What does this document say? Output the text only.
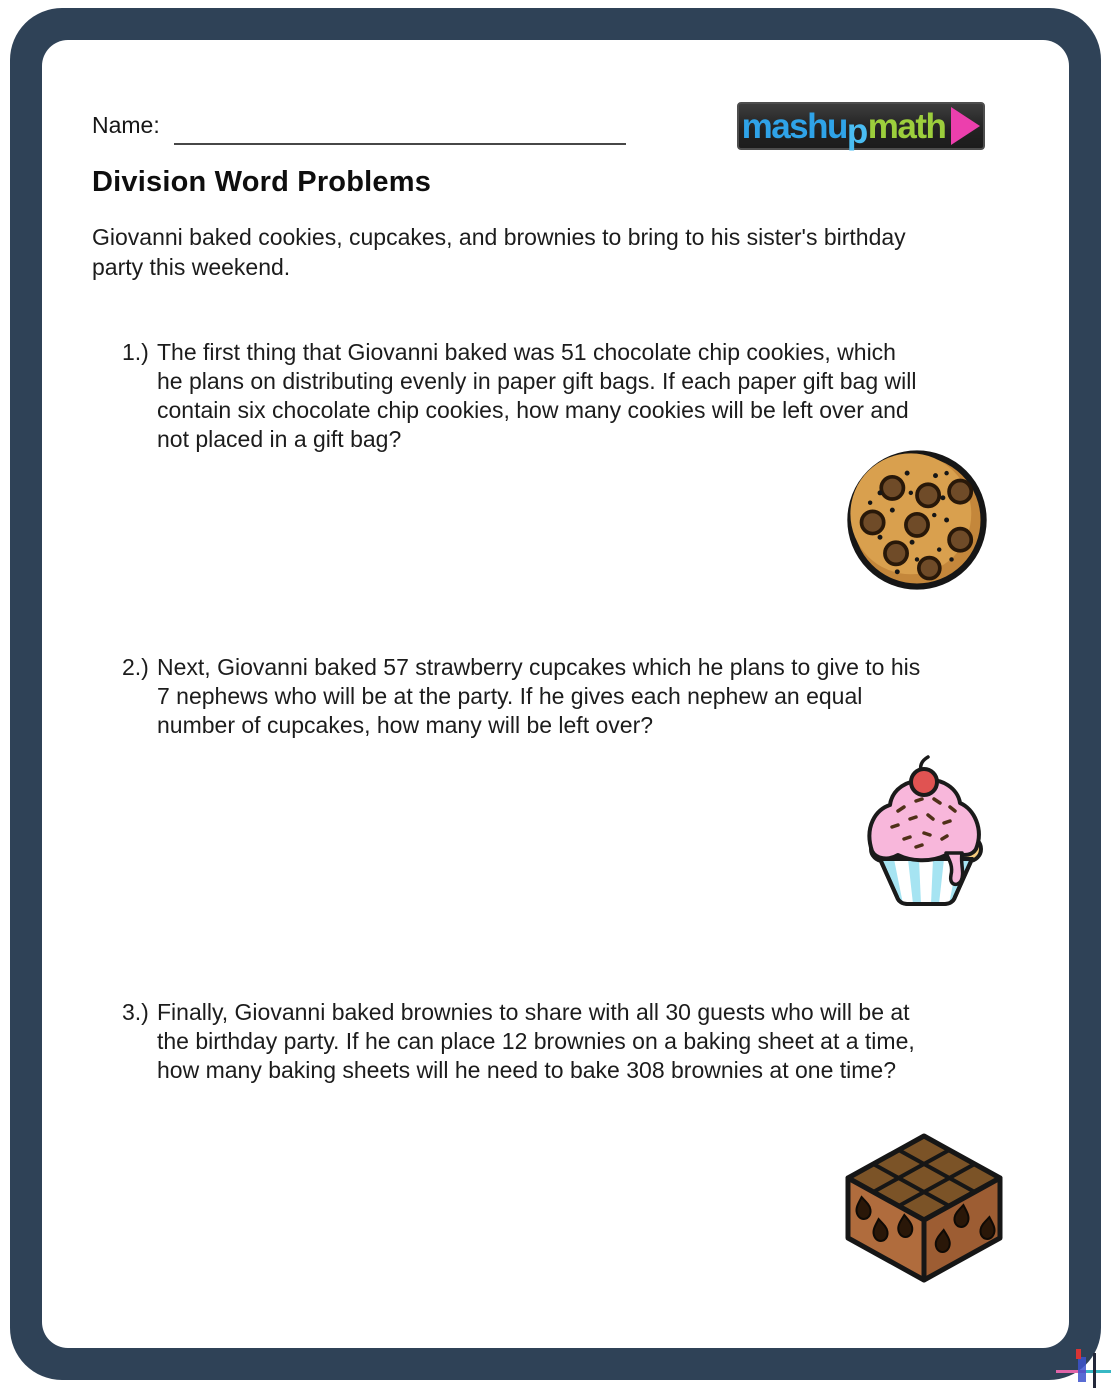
Name:	mashu p math
Division Word Problems
Giovanni baked cookies, cupcakes, and brownies to bring to his sister's birthday
party this weekend.
1.) The first thing that Giovanni baked was 51 chocolate chip cookies, which
he plans on distributing evenly in paper gift bags. If each paper gift bag will
contain six chocolate chip cookies, how many cookies will be left over and
not placed in a gift bag?
2.) Next, Giovanni baked 57 strawberry cupcakes which he plans to give to his
7 nephews who will be at the party. If he gives each nephew an equal
number of cupcakes, how many will be left over?
3.) Finally, Giovanni baked brownies to share with all 30 guests who will be at
the birthday party. If he can place 12 brownies on a baking sheet at a time,
how many baking sheets will he need to bake 308 brownies at one time?
